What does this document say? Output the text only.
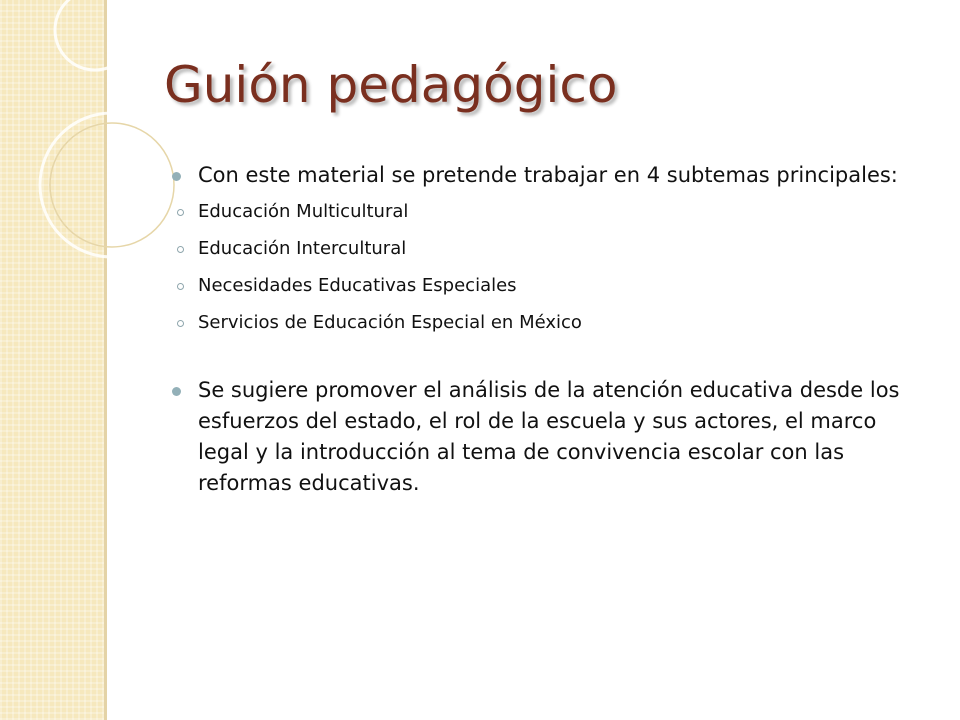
Guión pedagógico
Con este material se pretende trabajar en 4 subtemas principales:
Educación Multicultural
Educación Intercultural
Necesidades Educativas Especiales
Servicios de Educación Especial en México
Se sugiere promover el análisis de la atención educativa desde los esfuerzos del estado, el rol de la escuela y sus actores, el marco legal y la introducción al tema de convivencia escolar con las reformas educativas.
